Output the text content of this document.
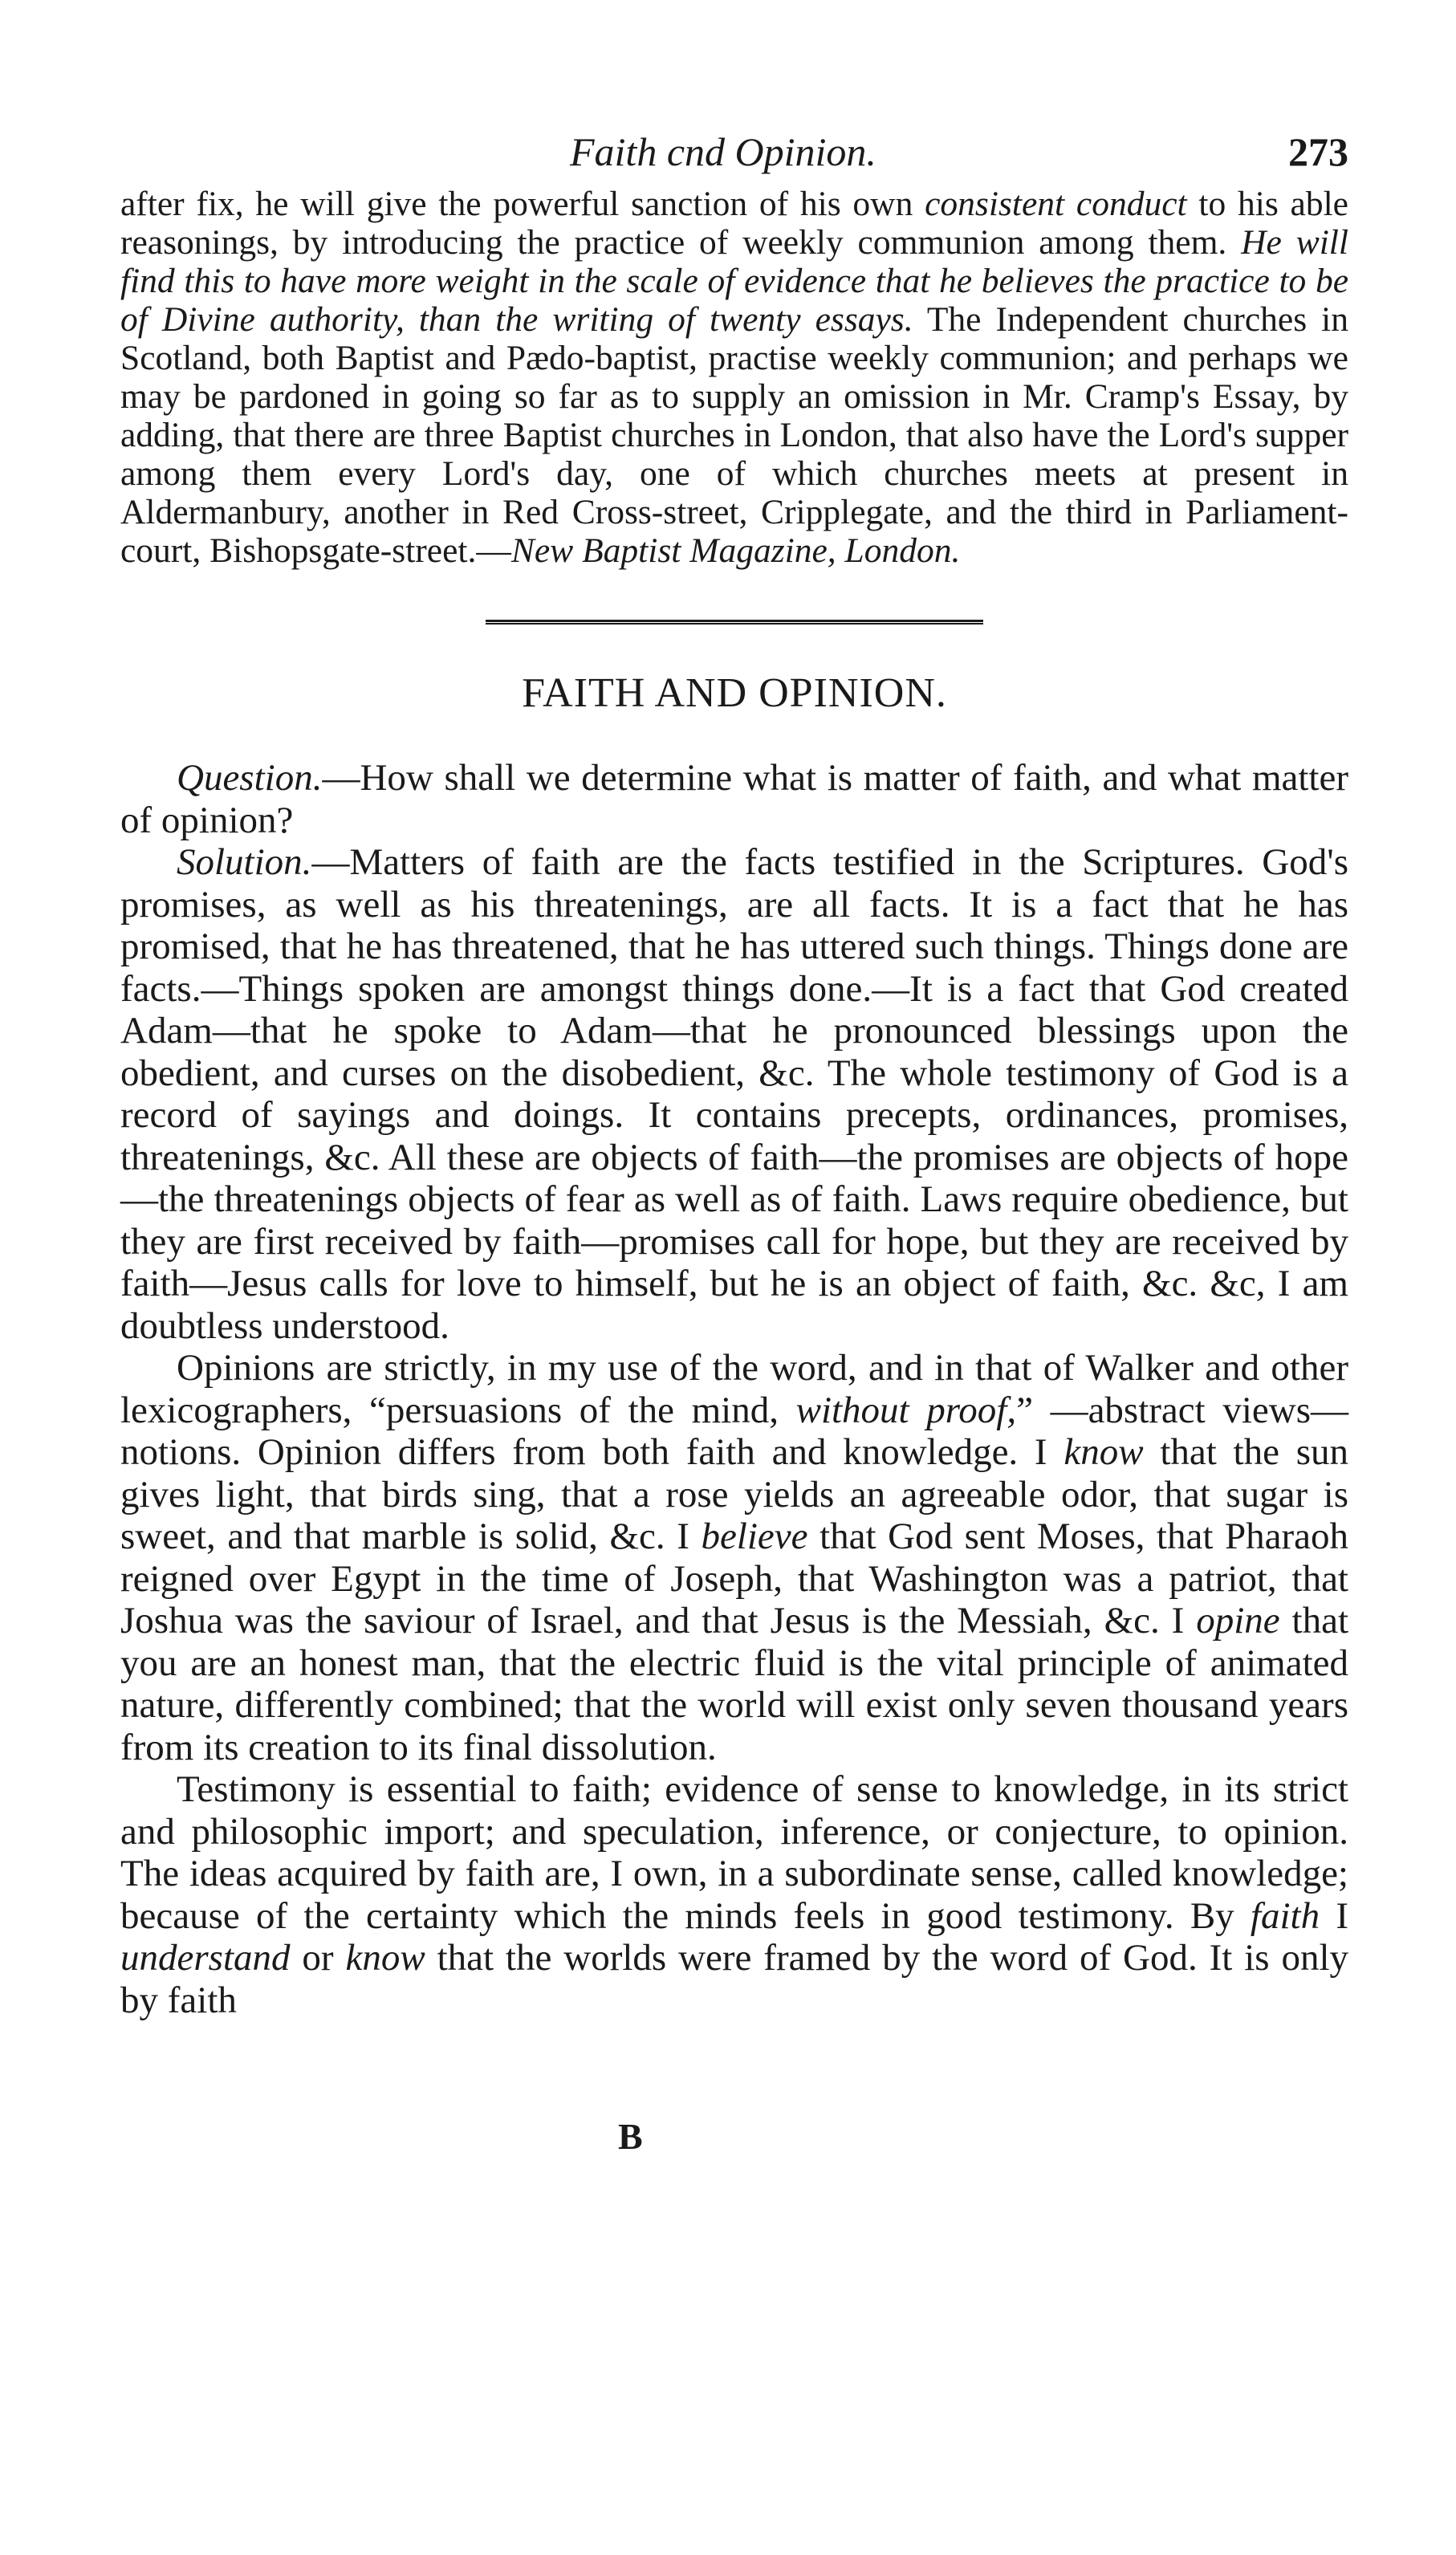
Faith cnd Opinion.	273

after fix, he will give the powerful sanction of his own consistent conduct to his able reasonings, by introducing the practice of weekly communion among them. He will find this to have more weight in the scale of evidence that he believes the practice to be of Divine authority, than the writing of twenty essays. The Independent churches in Scotland, both Baptist and Pædo-baptist, practise weekly communion; and perhaps we may be pardoned in going so far as to supply an omission in Mr. Cramp's Essay, by adding, that there are three Baptist churches in London, that also have the Lord's supper among them every Lord's day, one of which churches meets at present in Aldermanbury, another in Red Cross-street, Cripplegate, and the third in Parliament-court, Bishopsgate-street.—New Baptist Magazine, London.

FAITH AND OPINION.

Question.—How shall we determine what is matter of faith, and what matter of opinion?

Solution.—Matters of faith are the facts testified in the Scriptures. God's promises, as well as his threatenings, are all facts. It is a fact that he has promised, that he has threatened, that he has uttered such things. Things done are facts.—Things spoken are amongst things done.—It is a fact that God created Adam—that he spoke to Adam—that he pronounced blessings upon the obedient, and curses on the disobedient, &c. The whole testimony of God is a record of sayings and doings. It contains precepts, ordinances, promises, threatenings, &c. All these are objects of faith—the promises are objects of hope—the threatenings objects of fear as well as of faith. Laws require obedience, but they are first received by faith—promises call for hope, but they are received by faith—Jesus calls for love to himself, but he is an object of faith, &c. &c, I am doubtless understood.

Opinions are strictly, in my use of the word, and in that of Walker and other lexicographers, “persuasions of the mind, without proof,” —abstract views—notions. Opinion differs from both faith and knowledge. I know that the sun gives light, that birds sing, that a rose yields an agreeable odor, that sugar is sweet, and that marble is solid, &c. I believe that God sent Moses, that Pharaoh reigned over Egypt in the time of Joseph, that Washington was a patriot, that Joshua was the saviour of Israel, and that Jesus is the Messiah, &c. I opine that you are an honest man, that the electric fluid is the vital principle of animated nature, differently combined; that the world will exist only seven thousand years from its creation to its final dissolution.

Testimony is essential to faith; evidence of sense to knowledge, in its strict and philosophic import; and speculation, inference, or conjecture, to opinion. The ideas acquired by faith are, I own, in a subordinate sense, called knowledge; because of the certainty which the minds feels in good testimony. By faith I understand or know that the worlds were framed by the word of God. It is only by faith

B
